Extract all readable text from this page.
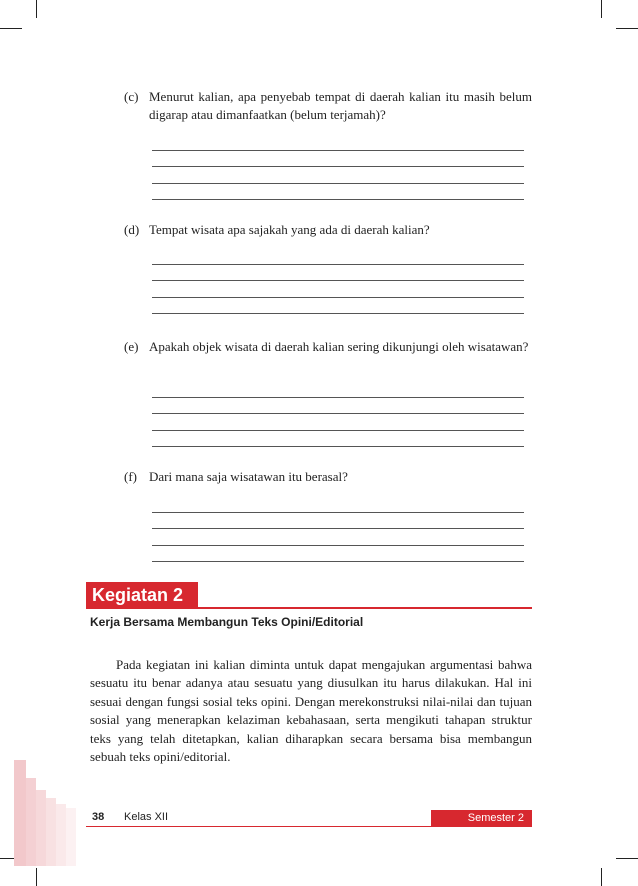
(c) Menurut kalian, apa penyebab tempat di daerah kalian itu masih belum digarap atau dimanfaatkan (belum terjamah)?
(d) Tempat wisata apa sajakah yang ada di daerah kalian?
(e) Apakah objek wisata di daerah kalian sering dikunjungi oleh wisatawan?
(f) Dari mana saja wisatawan itu berasal?
Kegiatan 2
Kerja Bersama Membangun Teks Opini/Editorial
Pada kegiatan ini kalian diminta untuk dapat mengajukan argumentasi bahwa sesuatu itu benar adanya atau sesuatu yang diusulkan itu harus dilakukan. Hal ini sesuai dengan fungsi sosial teks opini. Dengan merekonstruksi nilai-nilai dan tujuan sosial yang menerapkan kelaziman kebahasaan, serta mengikuti tahapan struktur teks yang telah ditetapkan, kalian diharapkan secara bersama bisa membangun sebuah teks opini/editorial.
38 Kelas XII	Semester 2
